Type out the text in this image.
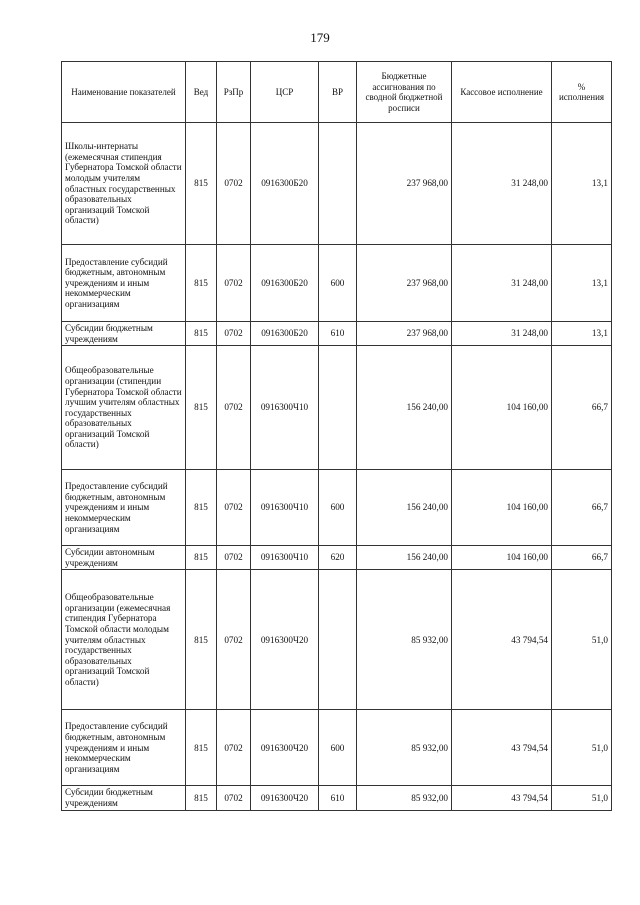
179
Наименование показателей	Вед	РзПр	ЦСР	ВР	Бюджетные ассигнования по сводной бюджетной росписи	Кассовое исполнение	% исполнения
Школы-интернаты (ежемесячная стипендия Губернатора Томской области молодым учителям областных государственных образовательных организаций Томской области)	815	0702	0916300Б20		237 968,00	31 248,00	13,1
Предоставление субсидий бюджетным, автономным учреждениям и иным некоммерческим организациям	815	0702	0916300Б20	600	237 968,00	31 248,00	13,1
Субсидии бюджетным учреждениям	815	0702	0916300Б20	610	237 968,00	31 248,00	13,1
Общеобразовательные организации (стипендии Губернатора Томской области лучшим учителям областных государственных образовательных организаций Томской области)	815	0702	0916300Ч10		156 240,00	104 160,00	66,7
Предоставление субсидий бюджетным, автономным учреждениям и иным некоммерческим организациям	815	0702	0916300Ч10	600	156 240,00	104 160,00	66,7
Субсидии автономным учреждениям	815	0702	0916300Ч10	620	156 240,00	104 160,00	66,7
Общеобразовательные организации (ежемесячная стипендия Губернатора Томской области молодым учителям областных государственных образовательных организаций Томской области)	815	0702	0916300Ч20		85 932,00	43 794,54	51,0
Предоставление субсидий бюджетным, автономным учреждениям и иным некоммерческим организациям	815	0702	0916300Ч20	600	85 932,00	43 794,54	51,0
Субсидии бюджетным учреждениям	815	0702	0916300Ч20	610	85 932,00	43 794,54	51,0
